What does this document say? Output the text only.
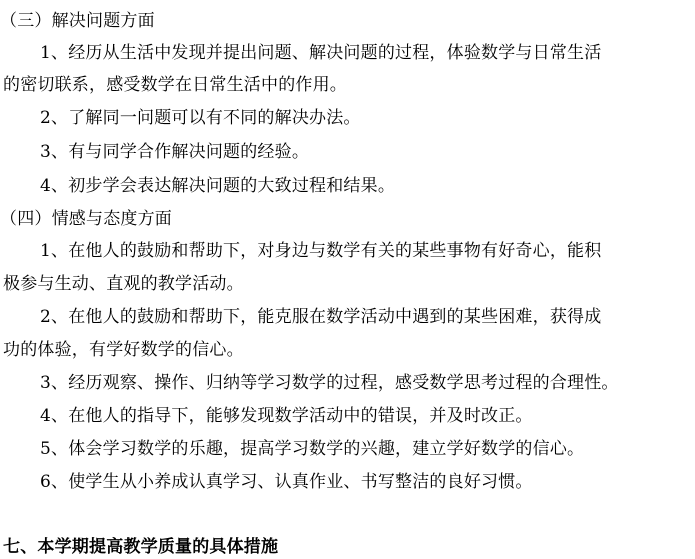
（三）解决问题方面
1、经历从生活中发现并提出问题、解决问题的过程，体验数学与日常生活
的密切联系，感受数学在日常生活中的作用。
2、了解同一问题可以有不同的解决办法。
3、有与同学合作解决问题的经验。
4、初步学会表达解决问题的大致过程和结果。
（四）情感与态度方面
1、在他人的鼓励和帮助下，对身边与数学有关的某些事物有好奇心，能积
极参与生动、直观的教学活动。
2、在他人的鼓励和帮助下，能克服在数学活动中遇到的某些困难，获得成
功的体验，有学好数学的信心。
3、经历观察、操作、归纳等学习数学的过程，感受数学思考过程的合理性。
4、在他人的指导下，能够发现数学活动中的错误，并及时改正。
5、体会学习数学的乐趣，提高学习数学的兴趣，建立学好数学的信心。
6、使学生从小养成认真学习、认真作业、书写整洁的良好习惯。
七、本学期提高教学质量的具体措施
